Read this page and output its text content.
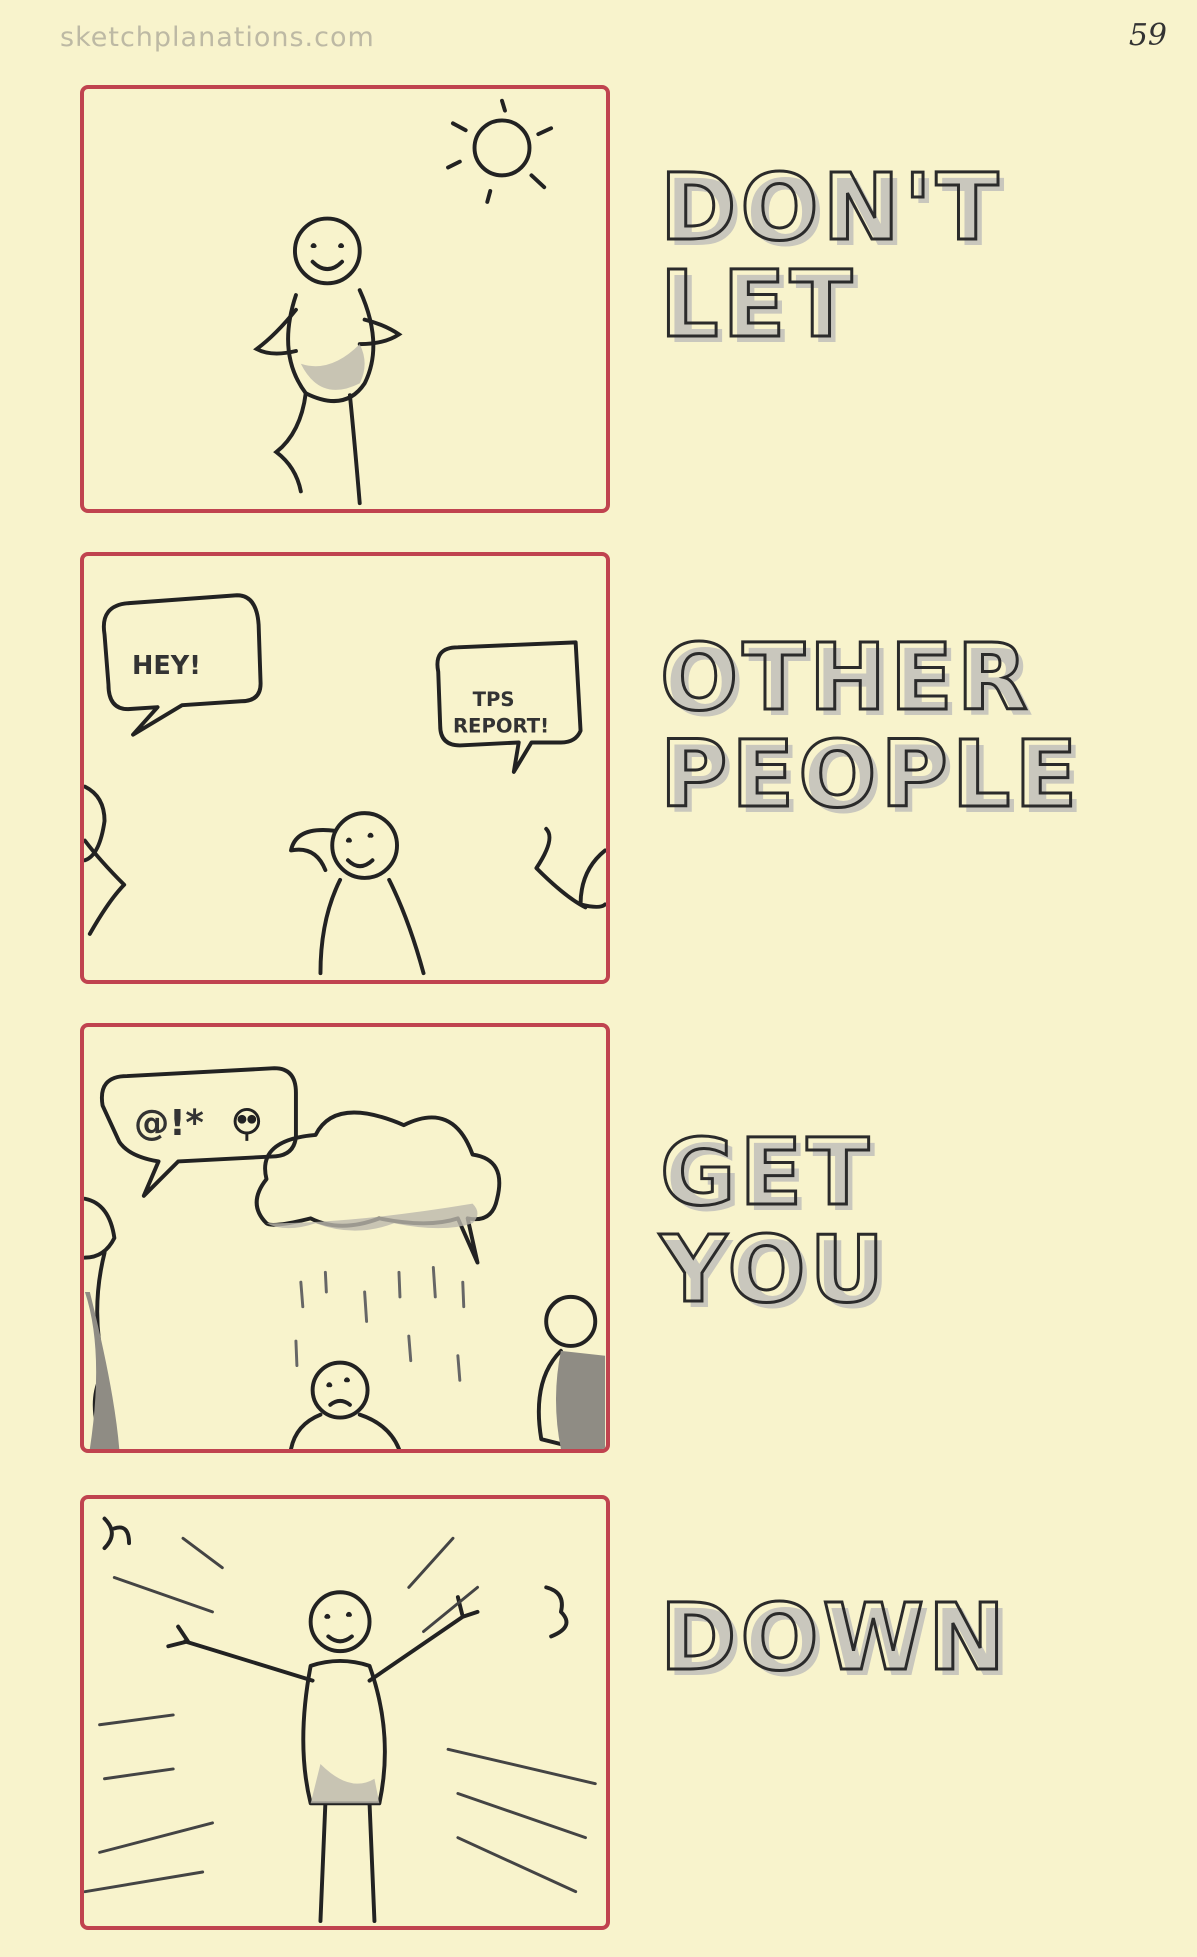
sketchplanations.com	59
DON'T
LET
HEY!
TPS
REPORT! OTHER
PEOPLE
@!*	GET
YOU
DOWN
